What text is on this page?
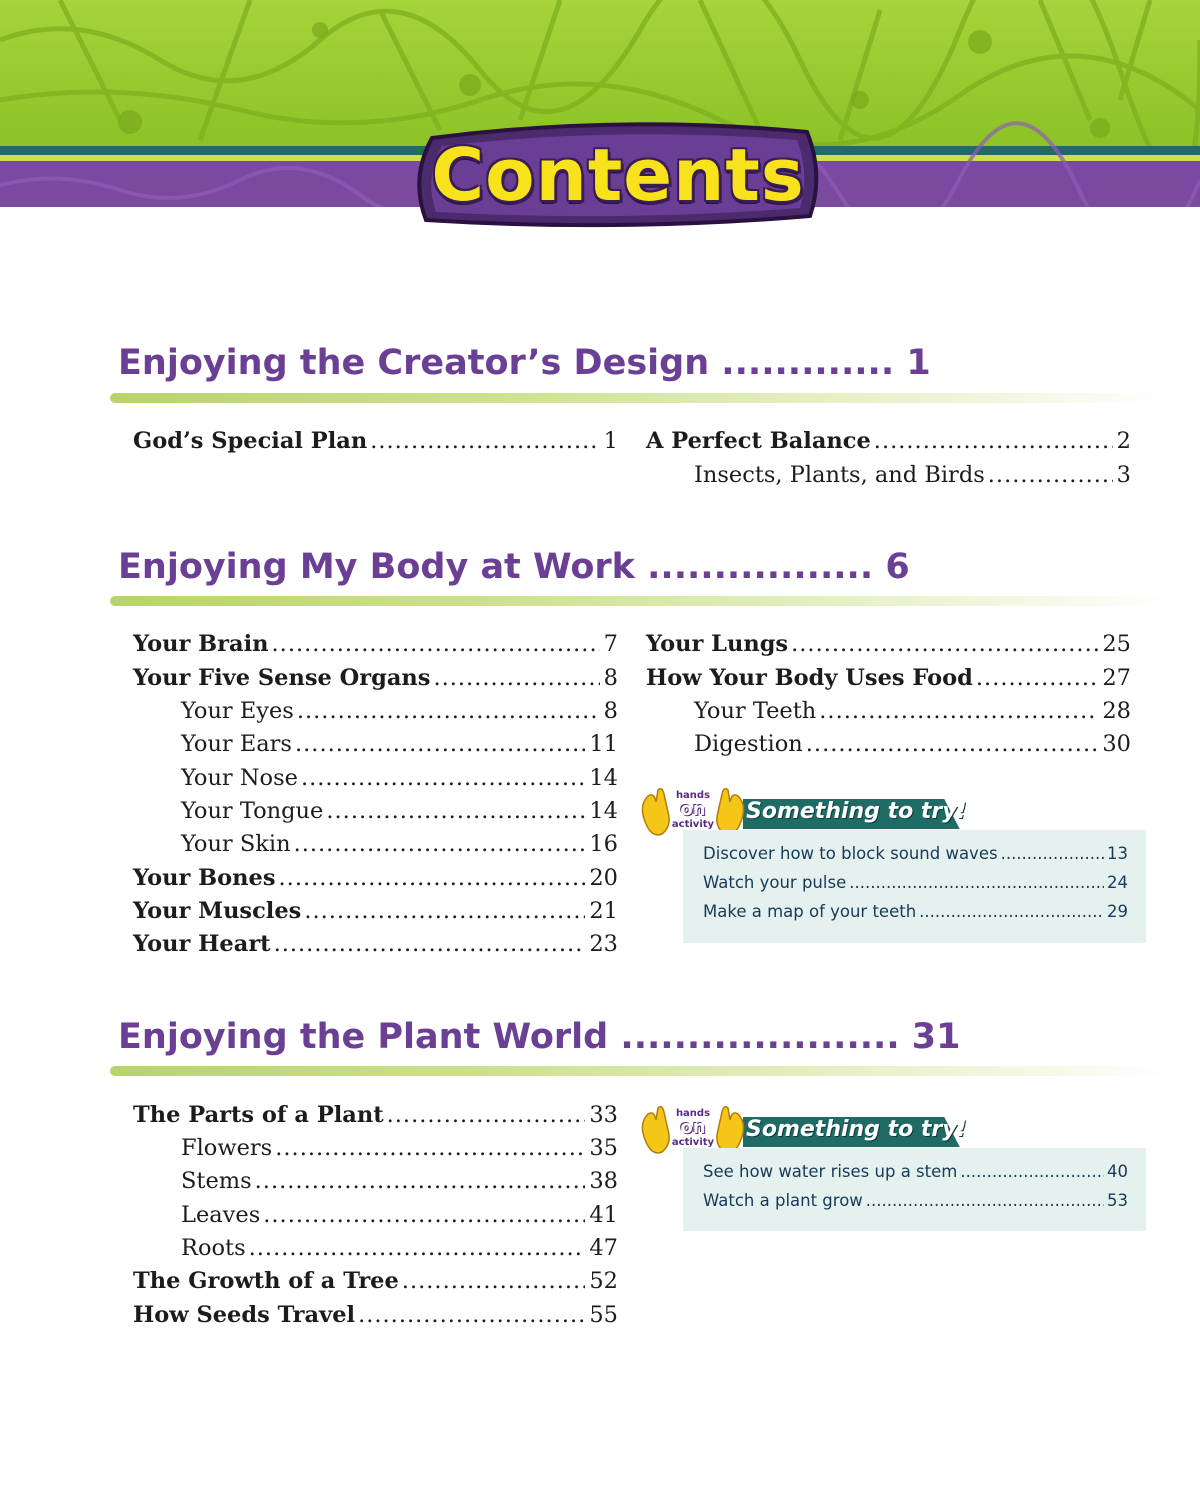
Contents
Enjoying the Creator’s Design ............. 1
God’s Special Plan .....	1 A Perfect Balance .....	2
Insects, Plants, and Birds .....	3
Enjoying My Body at Work ................. 6
Your Brain .....	7
Your Five Sense Organs .....	8
Your Eyes .....	8
Your Ears .....	11
Your Nose .....	14
Your Tongue .....	14
Your Skin .....	16
Your Bones .....	20
Your Muscles .....	21
Your Heart .....	23
Your Lungs .....	25
How Your Body Uses Food .....	27
Your Teeth .....	28
Digestion .....	30
hands
on
activity
Something to try!
Discover how to block sound waves .....	13
Watch your pulse .....	24
Make a map of your teeth .....	29
Enjoying the Plant World ..................... 31
The Parts of a Plant .....	33
Flowers .....	35
Stems .....	38
Leaves .....	41
Roots .....	47
The Growth of a Tree .....	52
How Seeds Travel .....	55
hands
on
activity
Something to try!
See how water rises up a stem .....	40
Watch a plant grow .....	53
